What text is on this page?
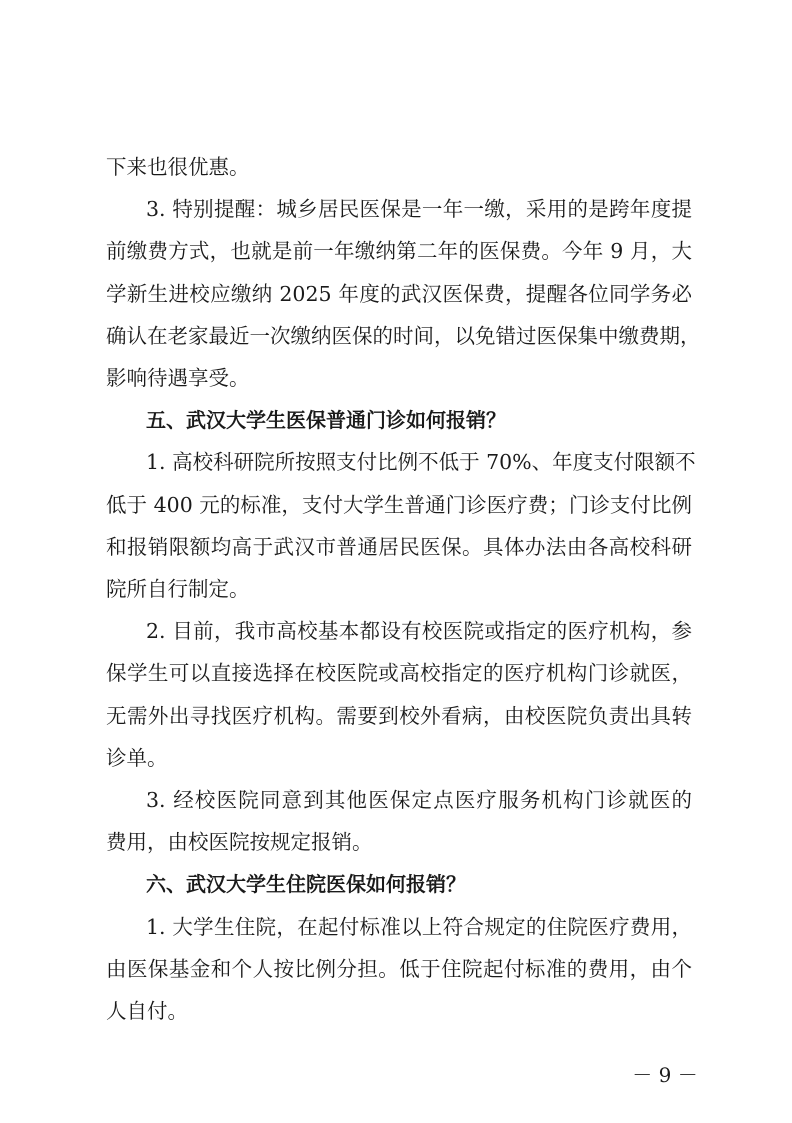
下来也很优惠。
3. 特别提醒：城乡居民医保是一年一缴，采用的是跨年度提
前缴费方式，也就是前一年缴纳第二年的医保费。今年 9 月，大
学新生进校应缴纳 2025 年度的武汉医保费，提醒各位同学务必
确认在老家最近一次缴纳医保的时间，以免错过医保集中缴费期，
影响待遇享受。
五、武汉大学生医保普通门诊如何报销？
1. 高校科研院所按照支付比例不低于 70%、年度支付限额不
低于 400 元的标准，支付大学生普通门诊医疗费；门诊支付比例
和报销限额均高于武汉市普通居民医保。具体办法由各高校科研
院所自行制定。
2. 目前，我市高校基本都设有校医院或指定的医疗机构，参
保学生可以直接选择在校医院或高校指定的医疗机构门诊就医，
无需外出寻找医疗机构。需要到校外看病，由校医院负责出具转
诊单。
3. 经校医院同意到其他医保定点医疗服务机构门诊就医的
费用，由校医院按规定报销。
六、武汉大学生住院医保如何报销？
1. 大学生住院，在起付标准以上符合规定的住院医疗费用，
由医保基金和个人按比例分担。低于住院起付标准的费用，由个
人自付。
－ 9 －
